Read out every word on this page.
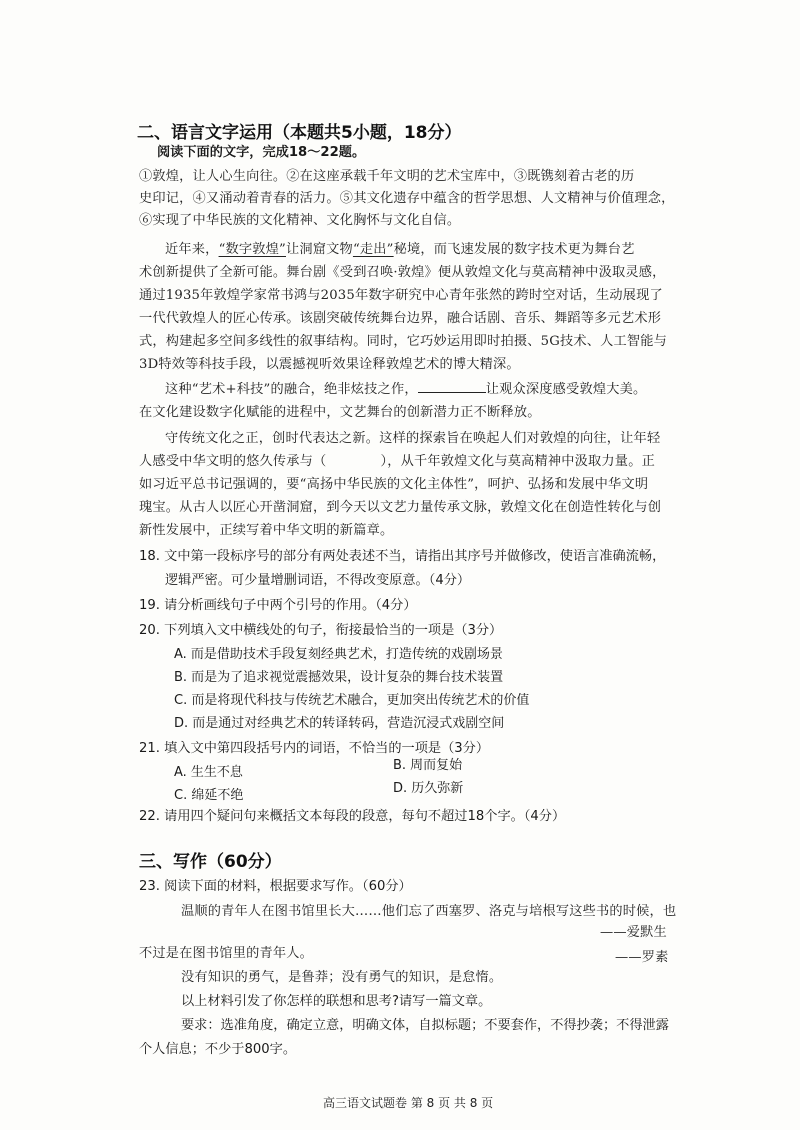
二、语言文字运用（本题共5小题，18分）
阅读下面的文字，完成18～22题。
①敦煌，让人心生向往。②在这座承载千年文明的艺术宝库中，③既镌刻着古老的历
史印记，④又涌动着青春的活力。⑤其文化遗存中蕴含的哲学思想、人文精神与价值理念，
⑥实现了中华民族的文化精神、文化胸怀与文化自信。
近年来，“数字敦煌”让洞窟文物“走出”秘境，而飞速发展的数字技术更为舞台艺
术创新提供了全新可能。舞台剧《受到召唤·敦煌》便从敦煌文化与莫高精神中汲取灵感，
通过1935年敦煌学家常书鸿与2035年数字研究中心青年张然的跨时空对话，生动展现了
一代代敦煌人的匠心传承。该剧突破传统舞台边界，融合话剧、音乐、舞蹈等多元艺术形
式，构建起多空间多线性的叙事结构。同时，它巧妙运用即时拍摄、5G技术、人工智能与
3D特效等科技手段，以震撼视听效果诠释敦煌艺术的博大精深。
这种“艺术+科技”的融合，绝非炫技之作，	让观众深度感受敦煌大美。
在文化建设数字化赋能的进程中，文艺舞台的创新潜力正不断释放。
守传统文化之正，创时代表达之新。这样的探索旨在唤起人们对敦煌的向往，让年轻
人感受中华文明的悠久传承与（	），从千年敦煌文化与莫高精神中汲取力量。正
如习近平总书记强调的，要“高扬中华民族的文化主体性”，呵护、弘扬和发展中华文明
瑰宝。从古人以匠心开凿洞窟，到今天以文艺力量传承文脉，敦煌文化在创造性转化与创
新性发展中，正续写着中华文明的新篇章。
18. 文中第一段标序号的部分有两处表述不当，请指出其序号并做修改，使语言准确流畅，
逻辑严密。可少量增删词语，不得改变原意。（4分）
19. 请分析画线句子中两个引号的作用。（4分）
20. 下列填入文中横线处的句子，衔接最恰当的一项是（3分）
A. 而是借助技术手段复刻经典艺术，打造传统的戏剧场景
B. 而是为了追求视觉震撼效果，设计复杂的舞台技术装置
C. 而是将现代科技与传统艺术融合，更加突出传统艺术的价值
D. 而是通过对经典艺术的转译转码，营造沉浸式戏剧空间
21. 填入文中第四段括号内的词语，不恰当的一项是（3分）
A. 生生不息	B. 周而复始
C. 绵延不绝	D. 历久弥新
22. 请用四个疑问句来概括文本每段的段意，每句不超过18个字。（4分）
三、写作（60分）
23. 阅读下面的材料，根据要求写作。（60分）
温顺的青年人在图书馆里长大……他们忘了西塞罗、洛克与培根写这些书的时候，也
——爱默生
不过是在图书馆里的青年人。	——罗素
没有知识的勇气，是鲁莽；没有勇气的知识，是怠惰。
以上材料引发了你怎样的联想和思考?请写一篇文章。
要求：选准角度，确定立意，明确文体，自拟标题；不要套作，不得抄袭；不得泄露
个人信息；不少于800字。
高三语文试题卷 第 8 页 共 8 页
